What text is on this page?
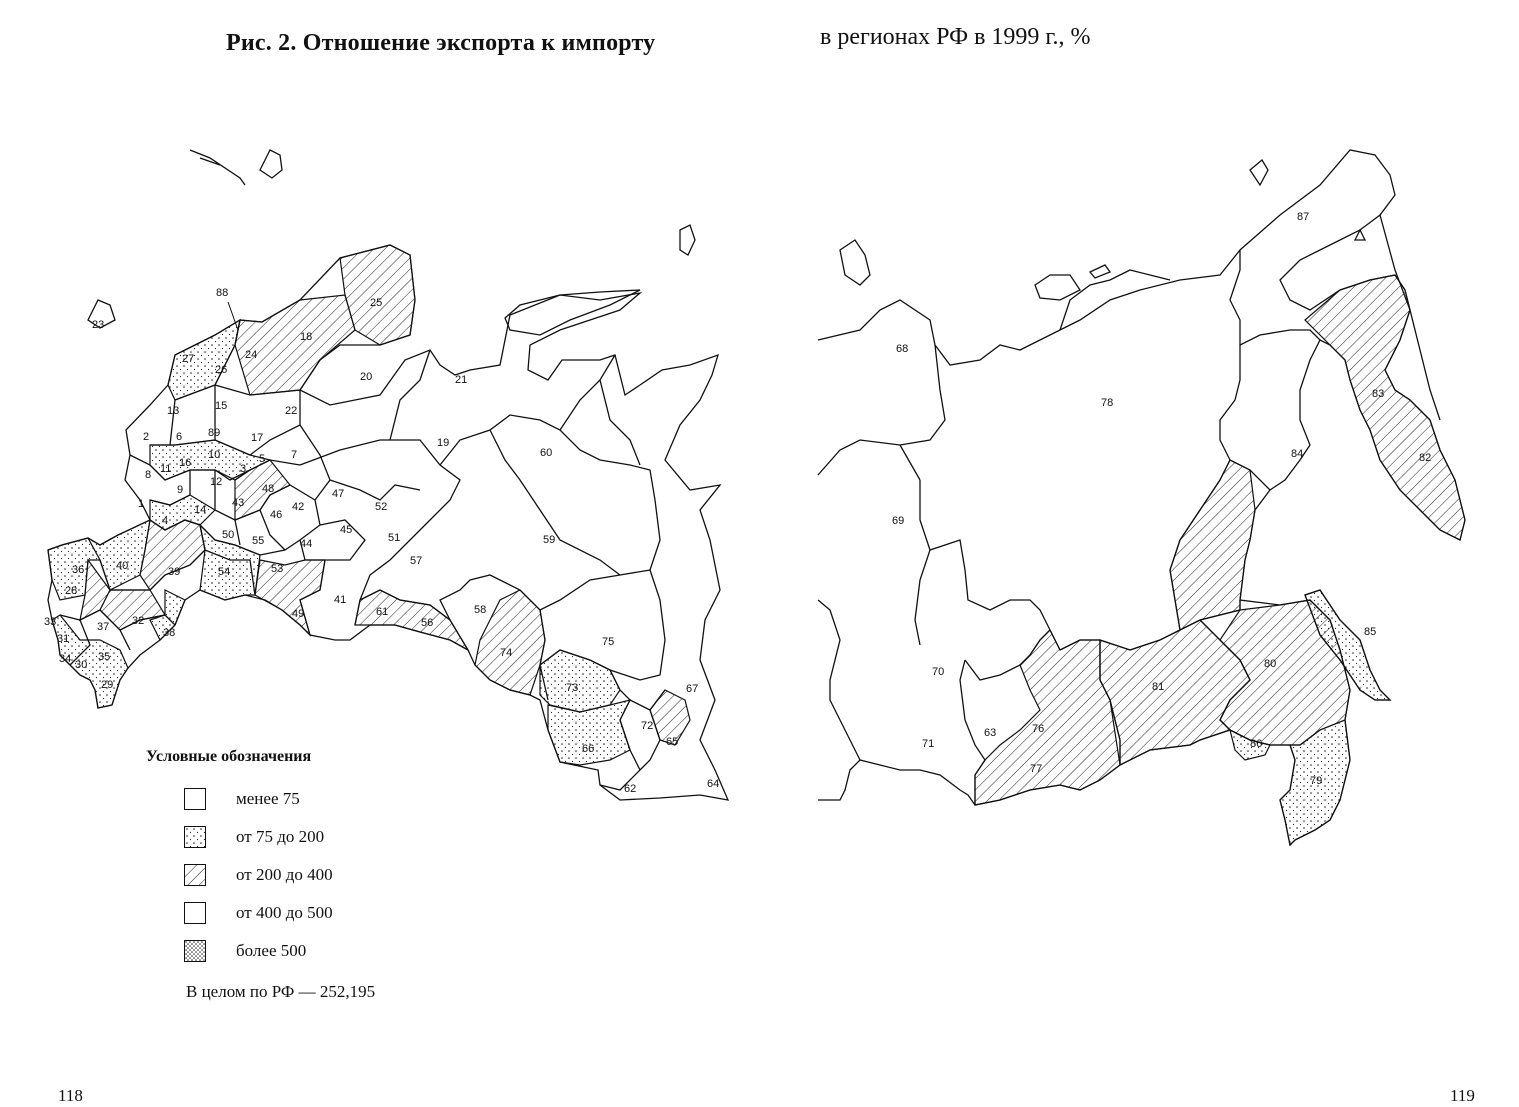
Рис. 2. Отношение экспорта к импорту	в регионах РФ в 1999 г., %
23
88
25
18
24
27
26
20	21
15	22
13
19
2 6 89	17
10	5 7
16	3
8 11
12
60
9	48	47
1	14
43	42	52
46
4
50	45
55	44	51	59
40	39	54	53
57
36
28
41
61	58
49
33	32	56
37	38
75
31
74
34 35
30
73	67
29
72
65
66
64
62
87
68
83
78
84	82
69
85
80
70
81
63	76
71	86
77
79
Условные обозначения
менее 75
от 75 до 200
от 200 до 400
от 400 до 500
более 500
В целом по РФ — 252,195
118	119
